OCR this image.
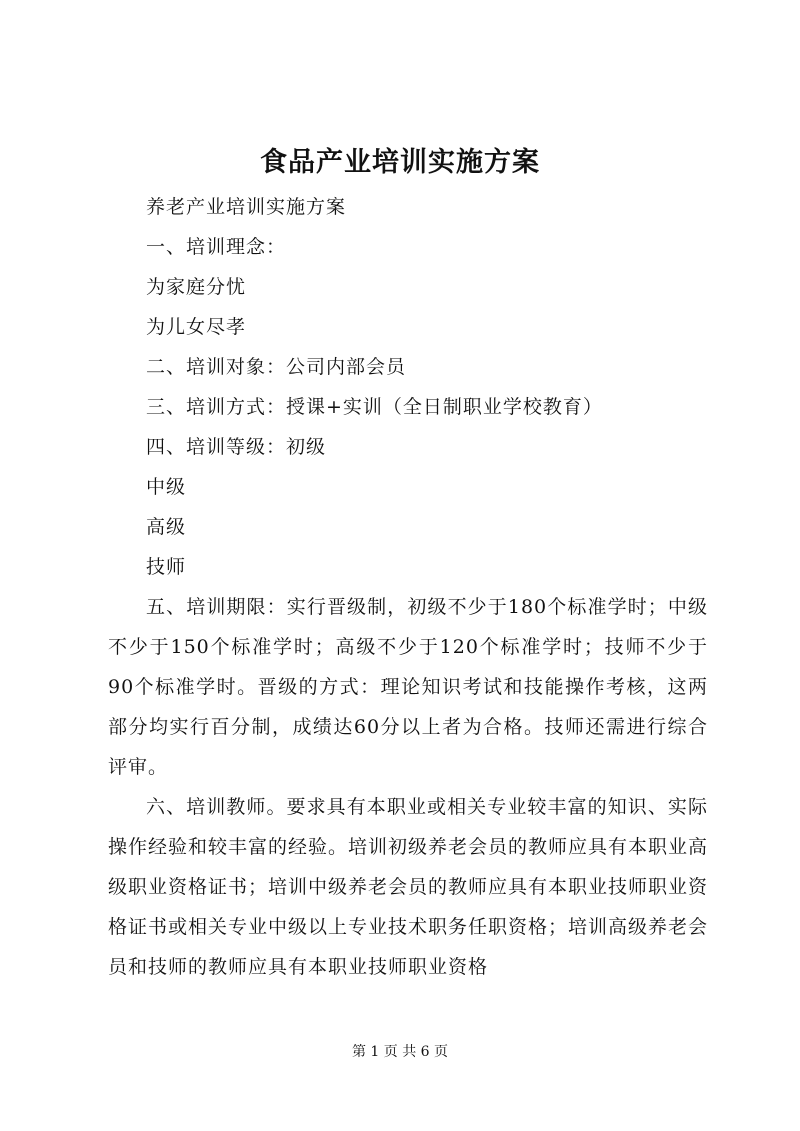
食品产业培训实施方案

养老产业培训实施方案

一、培训理念：

为家庭分忧

为儿女尽孝

二、培训对象：公司内部会员

三、培训方式：授课+实训（全日制职业学校教育）

四、培训等级：初级

中级

高级

技师

五、培训期限：实行晋级制，初级不少于180个标准学时；中级不少于150个标准学时；高级不少于120个标准学时；技师不少于90个标准学时。晋级的方式：理论知识考试和技能操作考核，这两部分均实行百分制，成绩达60分以上者为合格。技师还需进行综合评审。

六、培训教师。要求具有本职业或相关专业较丰富的知识、实际操作经验和较丰富的经验。培训初级养老会员的教师应具有本职业高级职业资格证书；培训中级养老会员的教师应具有本职业技师职业资格证书或相关专业中级以上专业技术职务任职资格；培训高级养老会员和技师的教师应具有本职业技师职业资格

第 1 页 共 6 页
